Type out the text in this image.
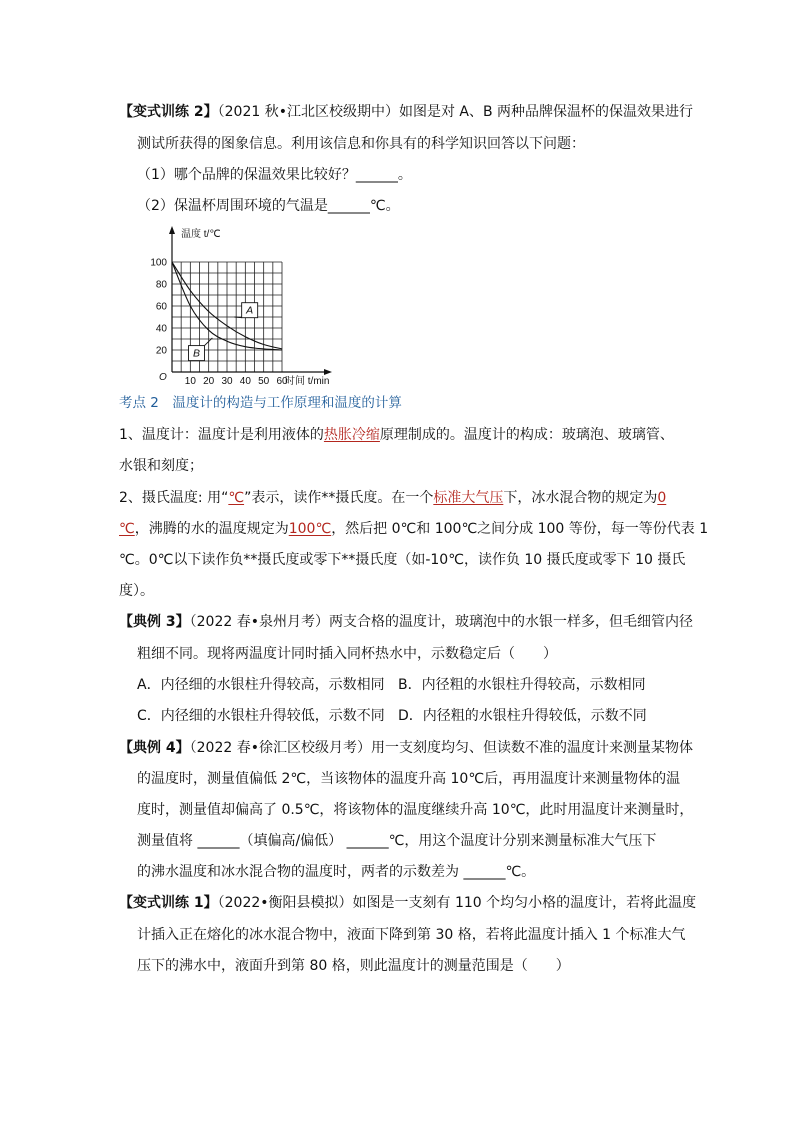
【变式训练 2】（2021 秋•江北区校级期中）如图是对 A、B 两种品牌保温杯的保温效果进行
测试所获得的图象信息。利用该信息和你具有的科学知识回答以下问题：
（1）哪个品牌的保温效果比较好？______。
（2）保温杯周围环境的气温是______℃。
10 20 30 40 50 60
20
40
60
80
100
A
B
温度 t/℃
时间 t/min
O
考点 2　温度计的构造与工作原理和温度的计算
1、温度计：温度计是利用液体的热胀冷缩原理制成的。温度计的构成：玻璃泡、玻璃管、
水银和刻度；
2、摄氏温度: 用“℃”表示，读作**摄氏度。在一个标准大气压下，冰水混合物的规定为0
℃，沸腾的水的温度规定为100℃，然后把 0℃和 100℃之间分成 100 等份，每一等份代表 1
℃。0℃以下读作负**摄氏度或零下**摄氏度（如-10℃，读作负 10 摄氏度或零下 10 摄氏
度）。
【典例 3】（2022 春•泉州月考）两支合格的温度计，玻璃泡中的水银一样多，但毛细管内径
粗细不同。现将两温度计同时插入同杯热水中，示数稳定后（　　）
A．内径细的水银柱升得较高，示数相同 B．内径粗的水银柱升得较高，示数相同
C．内径细的水银柱升得较低，示数不同 D．内径粗的水银柱升得较低，示数不同
【典例 4】（2022 春•徐汇区校级月考）用一支刻度均匀、但读数不准的温度计来测量某物体
的温度时，测量值偏低 2℃，当该物体的温度升高 10℃后，再用温度计来测量物体的温
度时，测量值却偏高了 0.5℃，将该物体的温度继续升高 10℃，此时用温度计来测量时，
测量值将 ______（填偏高/偏低） ______℃，用这个温度计分别来测量标准大气压下
的沸水温度和冰水混合物的温度时，两者的示数差为 ______℃。
【变式训练 1】（2022•衡阳县模拟）如图是一支刻有 110 个均匀小格的温度计，若将此温度
计插入正在熔化的冰水混合物中，液面下降到第 30 格，若将此温度计插入 1 个标准大气
压下的沸水中，液面升到第 80 格，则此温度计的测量范围是（　　）
